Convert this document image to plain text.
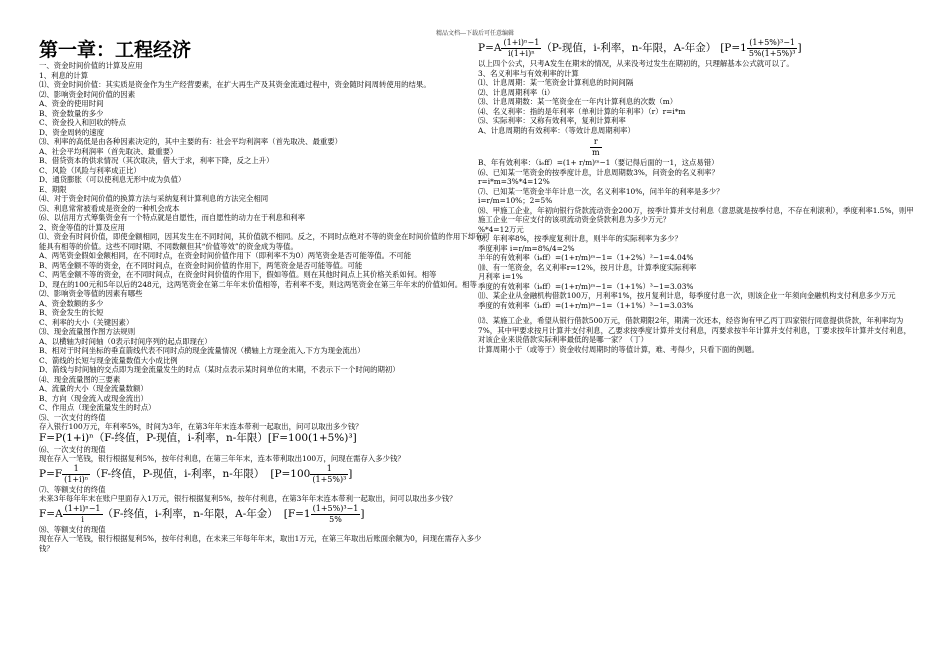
精品文档---下载后可任意编辑
第一章：工程经济
一、资金时间价值的计算及应用
1、利息的计算
⑴、资金时间价值：其实质是资金作为生产经营要素，在扩大再生产及其资金流通过程中，资金随时间周转使用的结果。
⑵、影响资金时间价值的因素
A、资金的使用时间
B、资金数量的多少
C、资金投入和回收的特点
D、资金周转的速度
⑶、利率的高低是由各种因素决定的，其中主要的有：社会平均利润率（首先取决、最重要）
A、社会平均利润率（首先取决、最重要）
B、借贷资本的供求情况（其次取决，借大于求，利率下降，反之上升）
C、风险（风险与利率成正比）
D、通货膨胀（可以使利息无形中成为负值）
E、期限
⑷、对于资金时间价值的换算方法与采纳复利计算利息的方法完全相同
⑸、利息常常被看成是资金的一种机会成本
⑹、以信用方式筹集资金有一个特点就是自愿性，而自愿性的动力在于利息和利率
2、资金等值的计算及应用
⑴、资金有时间价值，即使金额相同，因其发生在不同时间，其价值就不相同。反之，不同时点绝对不等的资金在时间价值的作用下却有可能具有相等的价值。这些不同时期、不同数额但其“价值等效”的资金成为等值。
A、两笔资金假如金额相同，在不同时点，在资金时间价值作用下（即利率不为0）两笔资金是否可能等值。不可能
B、两笔金额不等的资金，在不同时间点，在资金时间价值的作用下，两笔资金是否可能等值。可能
C、两笔金额不等的资金，在不同时间点，在资金时间价值的作用下，假如等值。则在其他时间点上其价格关系如何。相等
D、现在的100元和5年以后的248元，这两笔资金在第二年年末价值相等，若利率不变，则这两笔资金在第三年年末的价值如何。相等
⑵、影响资金等值的因素有哪些
A、资金数额的多少
B、资金发生的长短
C、利率的大小（关键因素）
⑶、现金流量图作图方法规则
A、以横轴为时间轴（0表示时间序列的起点即现在）
B、相对于时间坐标的垂直箭线代表不同时点的现金流量情况（横轴上方现金流入,下方为现金流出）
C、箭线的长短与现金流量数值大小成比例
D、箭线与时间轴的交点即为现金流量发生的时点（某时点表示某时间单位的末期，不表示下一个时间的期初）
⑷、现金流量图的三要素
A、流量的大小（现金流量数额）
B、方向（现金流入或现金流出）
C、作用点（现金流量发生的时点）
⑸、一次支付的终值
存入银行100万元，年利率5%，时间为3年，在第3年年末连本带利一起取出，问可以取出多少钱？
F=P(1+i)ⁿ（F-终值，P-现值，i-利率，n-年限）[F=100(1+5%)³]
⑹、一次支付的现值
现在存入一笔钱，银行根据复利5%，按年付利息，在第三年年末，连本带利取出100万，问现在需存入多少钱？
$P=F \frac{1}{\text{(1+i)ⁿ}} (F-$终值，P-现值，i-利率，n-年限） [$P=100 \frac{1}{\text{(1+5\%)³}}$ ]
⑺、等额支付的终值
未来3年每年年末在账户里面存入1万元，银行根据复利5%，按年付利息，在第3年年末连本带利一起取出，问可以取出多少钱？
$F=A \frac{\text{(1+i)ⁿ−1}}{i} (F-$终值，i-利率，n-年限，A-年金） [$F=1 \frac{\text{(1+5\%)³−1}}{5\%}$ ]
⑻、等额支付的现值
现在存入一笔钱，银行根据复利5%，按年付利息，在未来三年每年年末，取出1万元，在第三年取出后账面余额为0，问现在需存入多少钱？
$P=A \frac{\text{(1+i)ⁿ−1}}{\text{i(1+i)ⁿ}} (P-$现值，i-利率，n-年限，A-年金） [$P=1 \frac{\text{(1+5\%)³−1}}{\text{5\%(1+5\%)³}}$ ]
以上四个公式，只考A发生在期末的情况，从来没考过发生在期初的，只理解基本公式就可以了。
3、名义利率与有效利率的计算
⑴、计息周期：某一笔资金计算利息的时间间隔
⑵、计息周期利率（i）
⑶、计息周期数：某一笔资金在一年内计算利息的次数（m）
⑷、名义利率：指的是年利率（单利计算的年利率）（r）r=i*m
⑸、实际利率：又称有效利率，复利计算利率
A、计息周期的有效利率：（等效计息周期利率）
$\frac{r}{m}$
B、年有效利率：（iₑff）=(1+ r/m)ᵐ−1（要记得后面的一1，这点易错）
⑹、已知某一笔资金的按季度计息，计息周期数3%，问资金的名义利率？
r=i*m=3%*4=12%
⑺、已知某一笔资金半年计息一次，名义利率10%，问半年的利率是多少？
i=r/m=10%；2=5%
⑻、甲施工企业，年初向银行贷款流动资金200万，按季计算并支付利息（意思就是按季付息，不存在利滚利），季度利率1.5%，则甲施工企业一年应支付的该项流动资金贷款利息为多少万元？
%*4=12万元
⑼、年利率8%，按季度复利计息，则半年的实际利率为多少？
季度利率 i=r/m=8%/4=2%
半年的有效利率（iₑff）=(1+r/m)ᵐ−1=（1+2%）²−1=4.04%
⑽、有一笔资金，名义利率r=12%，按月计息，计算季度实际利率
月利率 i=1%
季度的有效利率（iₑff）=(1+r/m)ᵐ−1=（1+1%）³−1=3.03%
⑾、某企业从金融机构借款100万，月利率1%，按月复利计息，每季度付息一次，则该企业一年须向金融机构支付利息多少万元
季度的有效利率（iₑff）=(1+r/m)ᵐ−1=（1+1%）³−1=3.03%
⑿、某施工企业，希望从银行借款500万元，借款期限2年，期满一次还本，经咨询有甲乙丙丁四家银行同意提供贷款，年利率均为7%，其中甲要求按月计算并支付利息，乙要求按季度计算并支付利息，丙要求按半年计算并支付利息，丁要求按年计算并支付利息，对该企业来说借款实际利率最低的是哪一家？（丁）
计算周期小于（或等于）资金收付周期时的等值计算，难、考得少，只看下面的例题。
